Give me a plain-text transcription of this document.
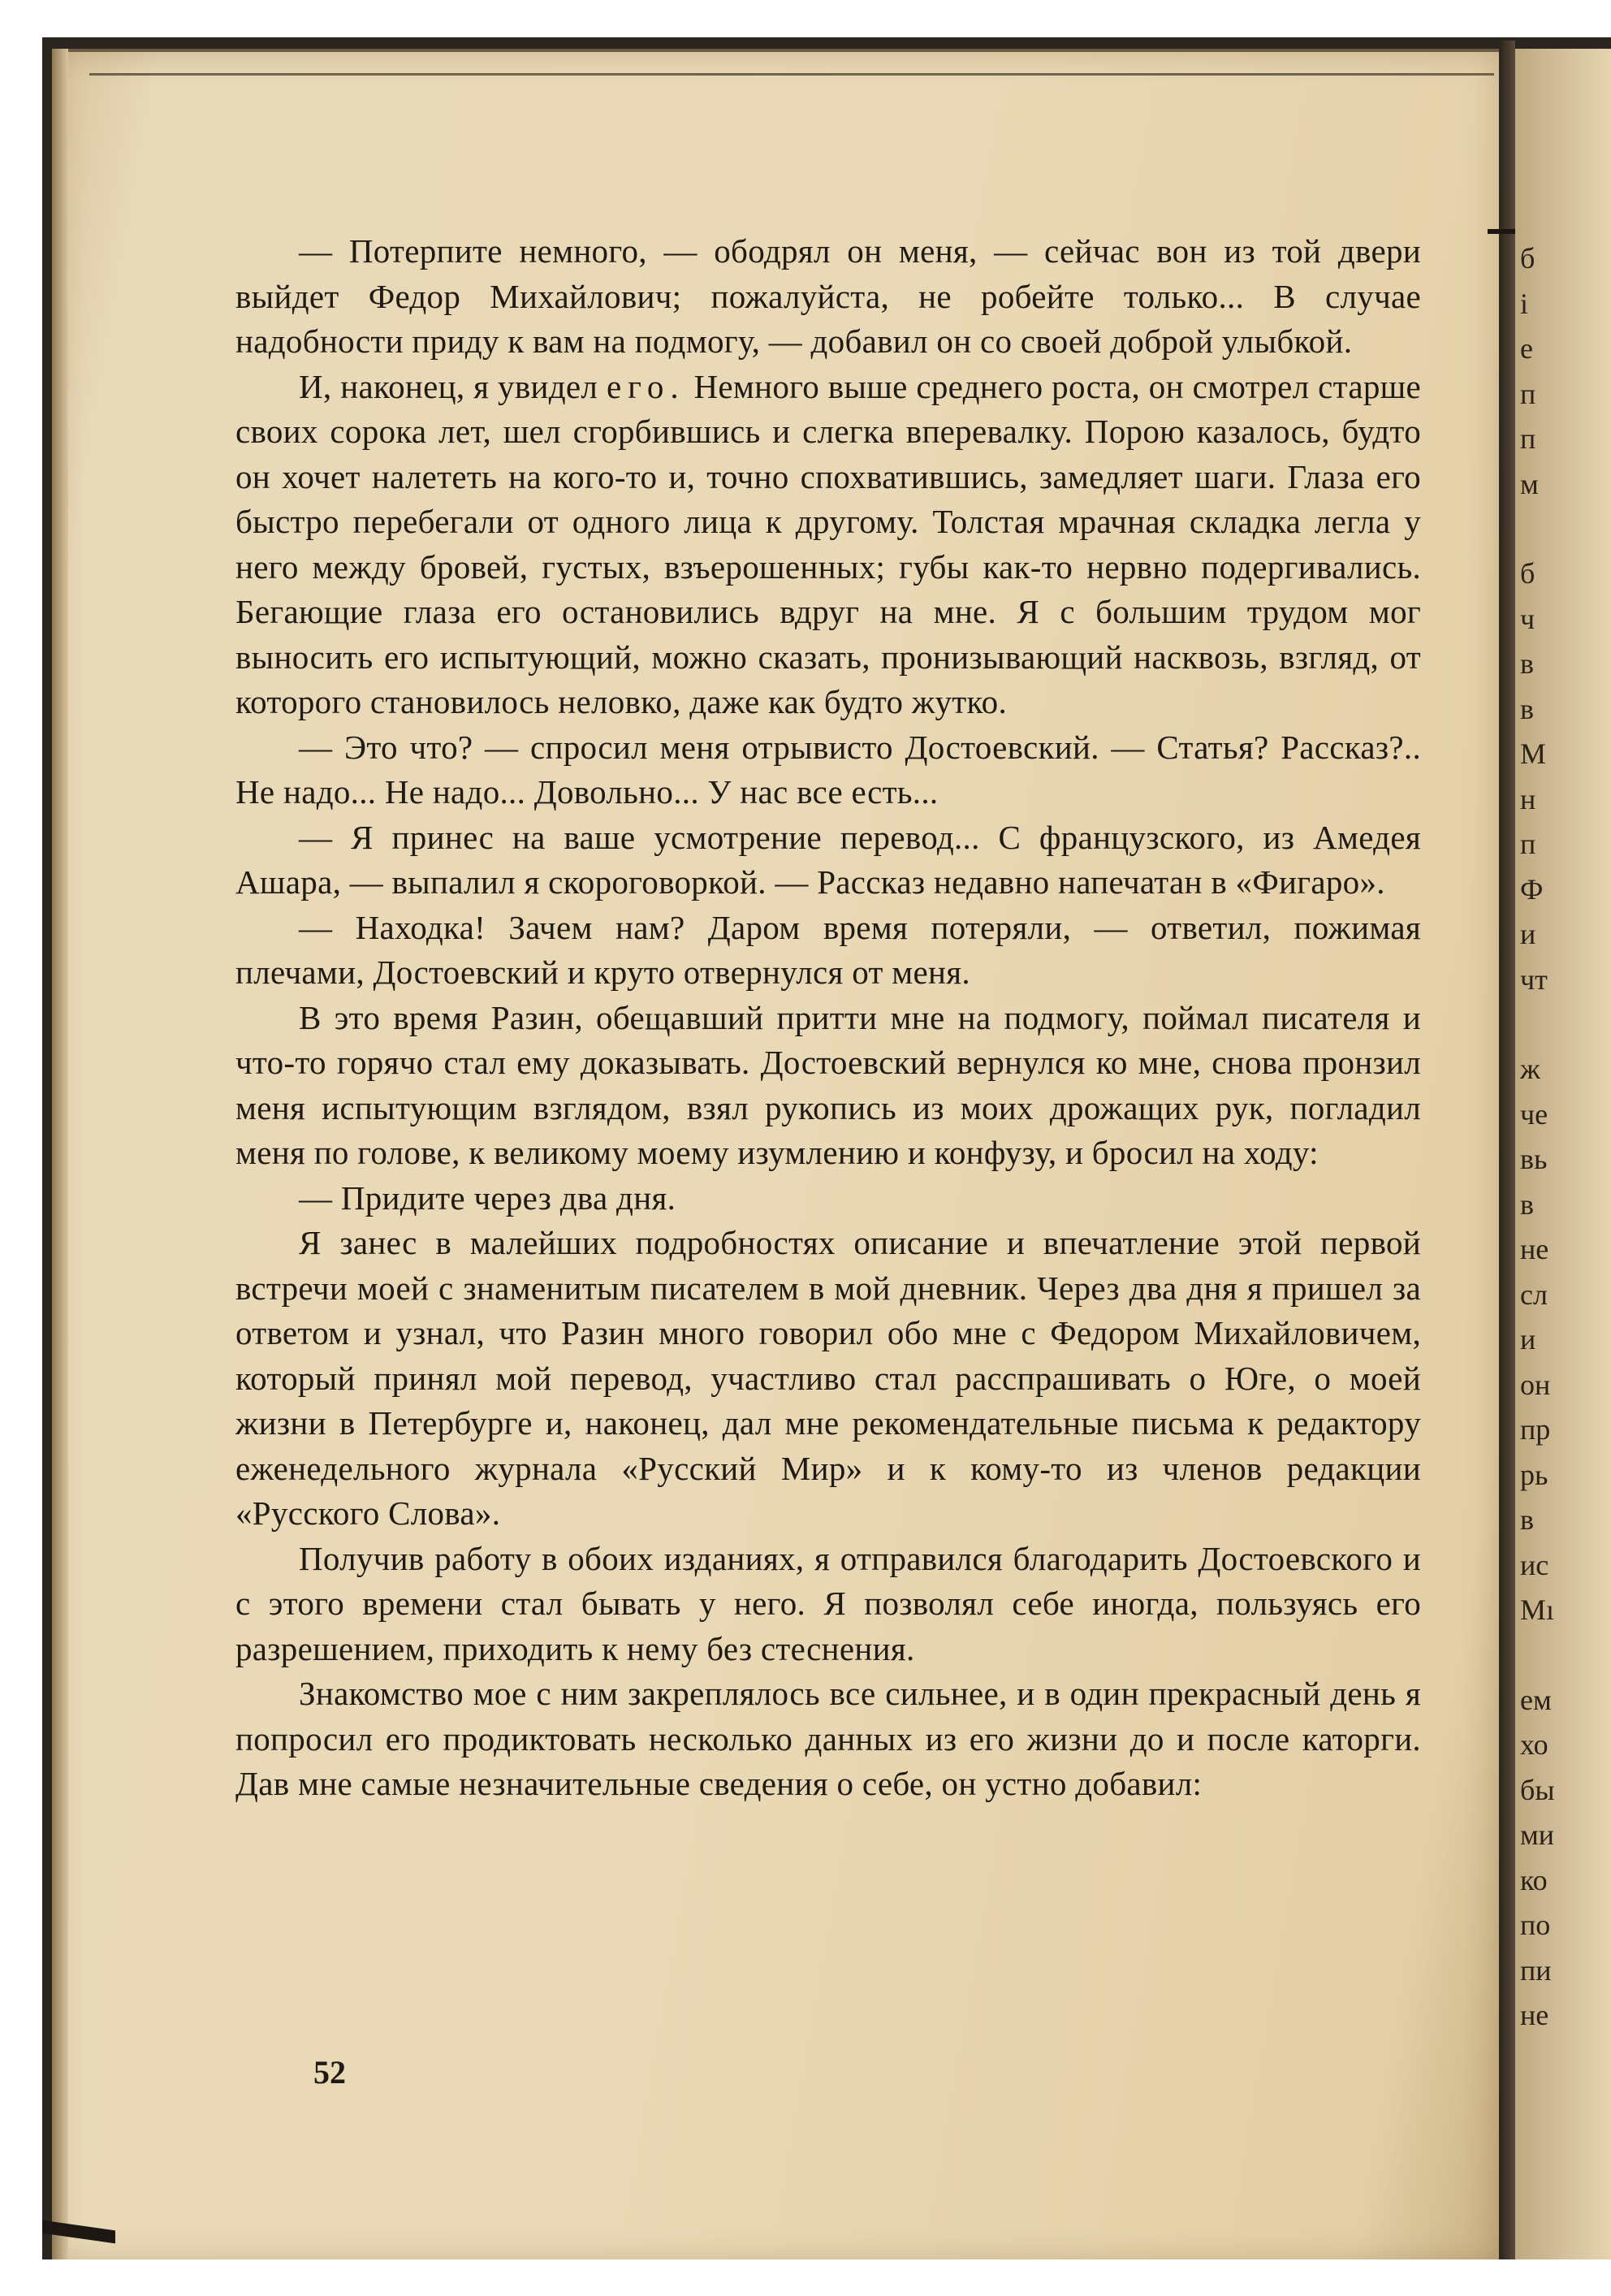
— Потерпите немного, — ободрял он меня, — сейчас вон из той двери выйдет Федор Михайлович; пожалуйста, не робейте только... В случае надобности приду к вам на подмогу, — добавил он со своей доброй улыбкой.

И, наконец, я увидел его. Немного выше среднего роста, он смотрел старше своих сорока лет, шел сгорбившись и слегка вперевалку. Порою казалось, будто он хочет налететь на кого-то и, точно спохватившись, замедляет шаги. Глаза его быстро перебегали от одного лица к другому. Толстая мрачная складка легла у него между бровей, густых, взъерошенных; губы как-то нервно подергивались. Бегающие глаза его остановились вдруг на мне. Я с большим трудом мог выносить его испытующий, можно сказать, пронизывающий насквозь, взгляд, от которого становилось неловко, даже как будто жутко.

— Это что? — спросил меня отрывисто Достоевский. — Статья? Рассказ?.. Не надо... Не надо... Довольно... У нас все есть...

— Я принес на ваше усмотрение перевод... С французского, из Амедея Ашара, — выпалил я скороговоркой. — Рассказ недавно напечатан в «Фигаро».

— Находка! Зачем нам? Даром время потеряли, — ответил, пожимая плечами, Достоевский и круто отвернулся от меня.

В это время Разин, обещавший притти мне на подмогу, поймал писателя и что-то горячо стал ему доказывать. Достоевский вернулся ко мне, снова пронзил меня испытующим взглядом, взял рукопись из моих дрожащих рук, погладил меня по голове, к великому моему изумлению и конфузу, и бросил на ходу:

— Придите через два дня.

Я занес в малейших подробностях описание и впечатление этой первой встречи моей с знаменитым писателем в мой дневник. Через два дня я пришел за ответом и узнал, что Разин много говорил обо мне с Федором Михайловичем, который принял мой перевод, участливо стал расспрашивать о Юге, о моей жизни в Петербурге и, наконец, дал мне рекомендательные письма к редактору еженедельного журнала «Русский Мир» и к кому-то из членов редакции «Русского Слова».

Получив работу в обоих изданиях, я отправился благодарить Достоевского и с этого времени стал бывать у него. Я позволял себе иногда, пользуясь его разрешением, приходить к нему без стеснения.

Знакомство мое с ним закреплялось все сильнее, и в один прекрасный день я попросил его продиктовать несколько данных из его жизни до и после каторги. Дав мне самые незначительные сведения о себе, он устно добавил:

52
б
і
е
п
п
м
б
ч
в
в
М
н
п
Ф
и
чт
ж
че
вь
в
не
сл
и
он
пр
рь
в
ис
Mı
ем
хо
бы
ми
ко
по
пи
не
